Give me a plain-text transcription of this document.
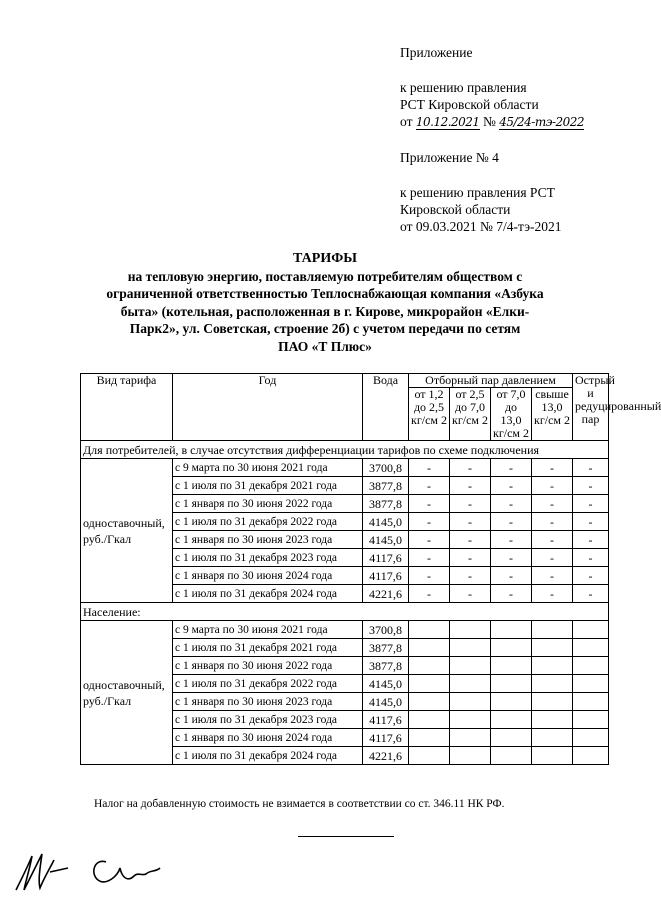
Приложение
к решению правления
РСТ Кировской области
от 10.12.2021 № 45/24-тэ-2022
Приложение № 4
к решению правления РСТ
Кировской области
от 09.03.2021 № 7/4-тэ-2021
ТАРИФЫ
на тепловую энергию, поставляемую потребителям обществом с
ограниченной ответственностью Теплоснабжающая компания «Азбука
быта» (котельная, расположенная в г. Кирове, микрорайон «Елки-
Парк2», ул. Советская, строение 2б) с учетом передачи по сетям
ПАО «Т Плюс»
Вид тарифа	Год	Вода	Отборный пар давлением				Острый и редуцированный пар
			от 1,2 до 2,5 кг/см 2	от 2,5 до 7,0 кг/см 2	от 7,0 до 13,0 кг/см 2	свыше 13,0 кг/см 2	
Для потребителей, в случае отсутствия дифференциации тарифов по схеме подключения							
одноставочный, руб./Гкал	с 9 марта по 30 июня 2021 года	3700,8	-	-	-	-	-
	с 1 июля по 31 декабря 2021 года	3877,8	-	-	-	-	-
	с 1 января по 30 июня 2022 года	3877,8	-	-	-	-	-
	с 1 июля по 31 декабря 2022 года	4145,0	-	-	-	-	-
	с 1 января по 30 июня 2023 года	4145,0	-	-	-	-	-
	с 1 июля по 31 декабря 2023 года	4117,6	-	-	-	-	-
	с 1 января по 30 июня 2024 года	4117,6	-	-	-	-	-
	с 1 июля по 31 декабря 2024 года	4221,6	-	-	-	-	-
Население:							
одноставочный, руб./Гкал	с 9 марта по 30 июня 2021 года	3700,8					
	с 1 июля по 31 декабря 2021 года	3877,8					
	с 1 января по 30 июня 2022 года	3877,8					
	с 1 июля по 31 декабря 2022 года	4145,0					
	с 1 января по 30 июня 2023 года	4145,0					
	с 1 июля по 31 декабря 2023 года	4117,6					
	с 1 января по 30 июня 2024 года	4117,6					
	с 1 июля по 31 декабря 2024 года	4221,6					
Налог на добавленную стоимость не взимается в соответствии со ст. 346.11 НК РФ.
